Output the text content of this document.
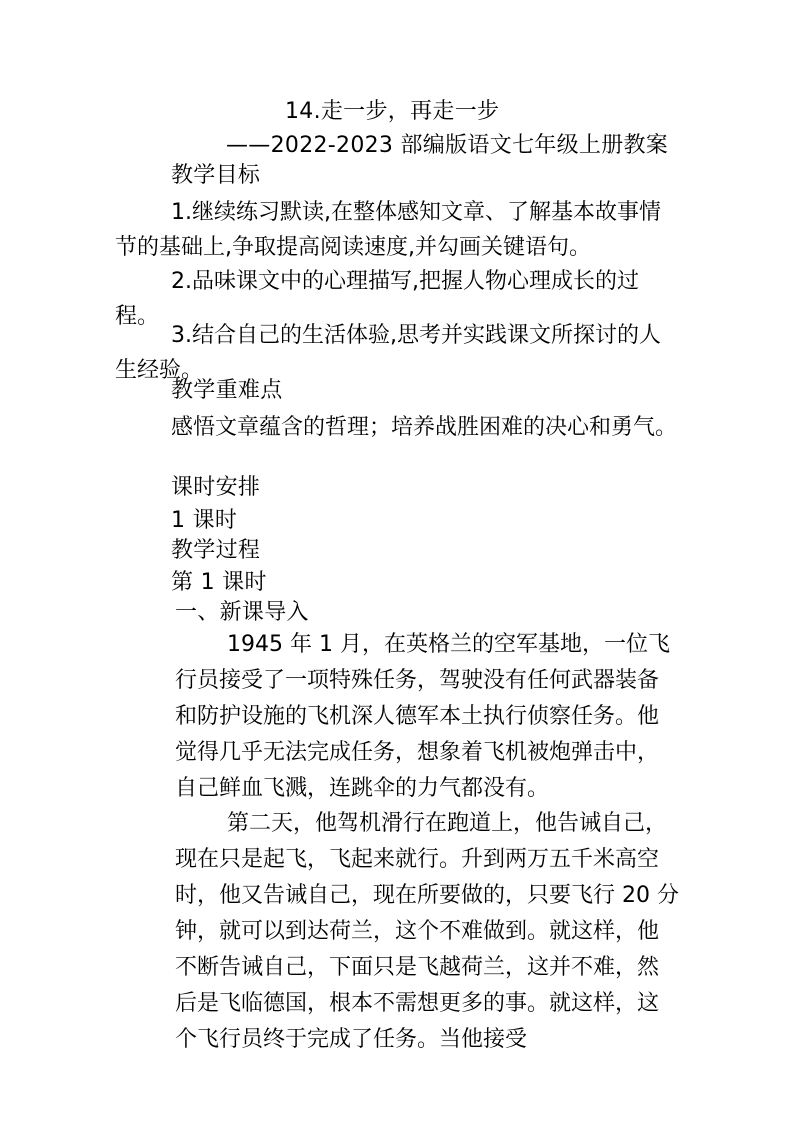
14.走一步，再走一步
——2022-2023 部编版语文七年级上册教案
教学目标
1.继续练习默读,在整体感知文章、了解基本故事情节的基础上,争取提高阅读速度,并勾画关键语句。
2.品味课文中的心理描写,把握人物心理成长的过程。
3.结合自己的生活体验,思考并实践课文所探讨的人生经验。
教学重难点
感悟文章蕴含的哲理；培养战胜困难的决心和勇气。
课时安排
1 课时
教学过程
第 1 课时
一、新课导入
1945 年 1 月，在英格兰的空军基地，一位飞行员接受了一项特殊任务，驾驶没有任何武器装备和防护设施的飞机深人德军本土执行侦察任务。他觉得几乎无法完成任务，想象着飞机被炮弹击中，自己鲜血飞溅，连跳伞的力气都没有。
第二天，他驾机滑行在跑道上，他告诫自己，现在只是起飞，飞起来就行。升到两万五千米高空时，他又告诫自己，现在所要做的，只要飞行 20 分钟，就可以到达荷兰，这个不难做到。就这样，他不断告诫自己，下面只是飞越荷兰，这并不难，然后是飞临德国，根本不需想更多的事。就这样，这个飞行员终于完成了任务。当他接受
